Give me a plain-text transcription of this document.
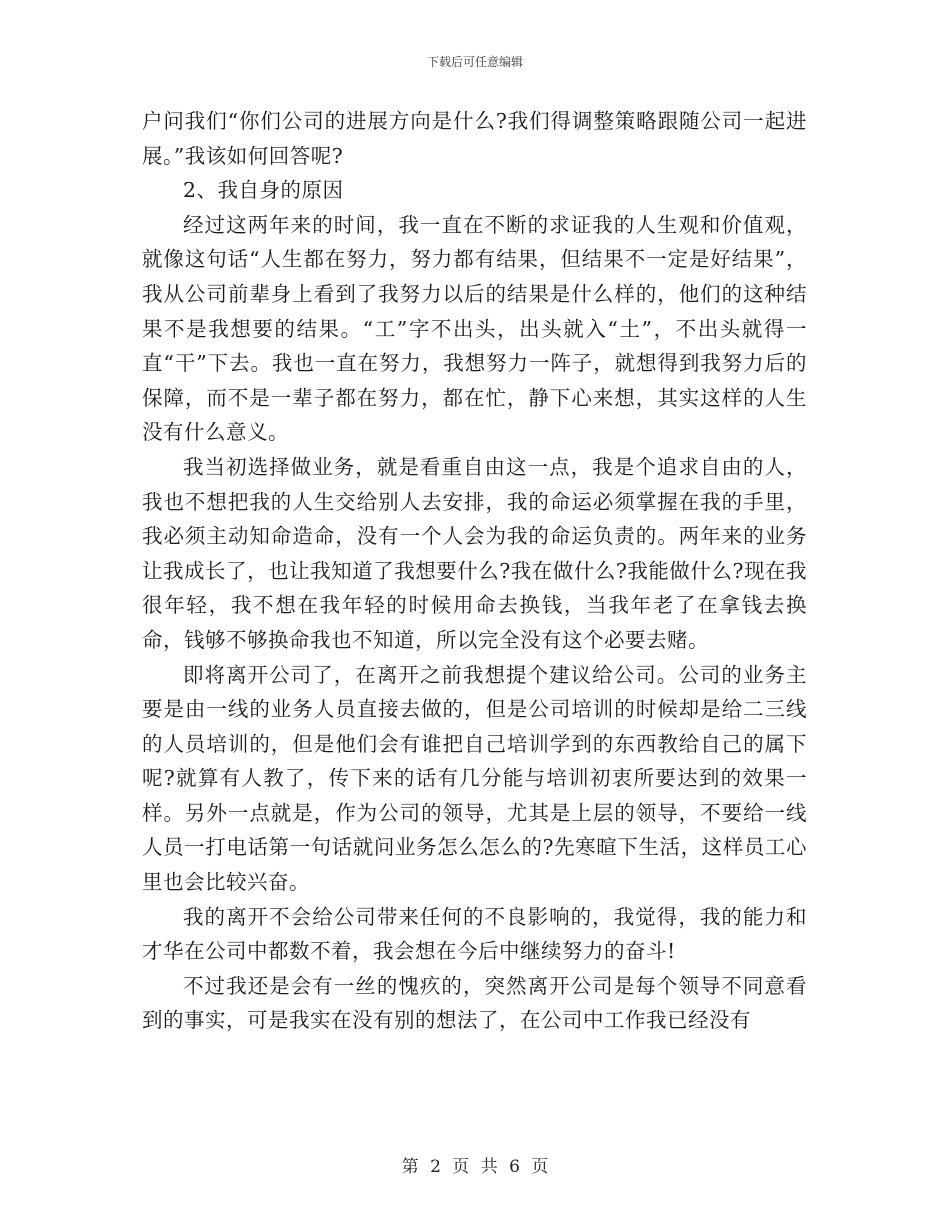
下载后可任意编辑

户问我们“你们公司的进展方向是什么?我们得调整策略跟随公司一起进展。”我该如何回答呢?

2、我自身的原因

经过这两年来的时间，我一直在不断的求证我的人生观和价值观，就像这句话“人生都在努力，努力都有结果，但结果不一定是好结果”，我从公司前辈身上看到了我努力以后的结果是什么样的，他们的这种结果不是我想要的结果。“工”字不出头，出头就入“土”，不出头就得一直“干”下去。我也一直在努力，我想努力一阵子，就想得到我努力后的保障，而不是一辈子都在努力，都在忙，静下心来想，其实这样的人生没有什么意义。

我当初选择做业务，就是看重自由这一点，我是个追求自由的人，我也不想把我的人生交给别人去安排，我的命运必须掌握在我的手里，我必须主动知命造命，没有一个人会为我的命运负责的。两年来的业务让我成长了，也让我知道了我想要什么?我在做什么?我能做什么?现在我很年轻，我不想在我年轻的时候用命去换钱，当我年老了在拿钱去换命，钱够不够换命我也不知道，所以完全没有这个必要去赌。

即将离开公司了，在离开之前我想提个建议给公司。公司的业务主要是由一线的业务人员直接去做的，但是公司培训的时候却是给二三线的人员培训的，但是他们会有谁把自己培训学到的东西教给自己的属下呢?就算有人教了，传下来的话有几分能与培训初衷所要达到的效果一样。另外一点就是，作为公司的领导，尤其是上层的领导，不要给一线人员一打电话第一句话就问业务怎么怎么的?先寒暄下生活，这样员工心里也会比较兴奋。

我的离开不会给公司带来任何的不良影响的，我觉得，我的能力和才华在公司中都数不着，我会想在今后中继续努力的奋斗!

不过我还是会有一丝的愧疚的，突然离开公司是每个领导不同意看到的事实，可是我实在没有别的想法了，在公司中工作我已经没有

第 2 页 共 6 页
